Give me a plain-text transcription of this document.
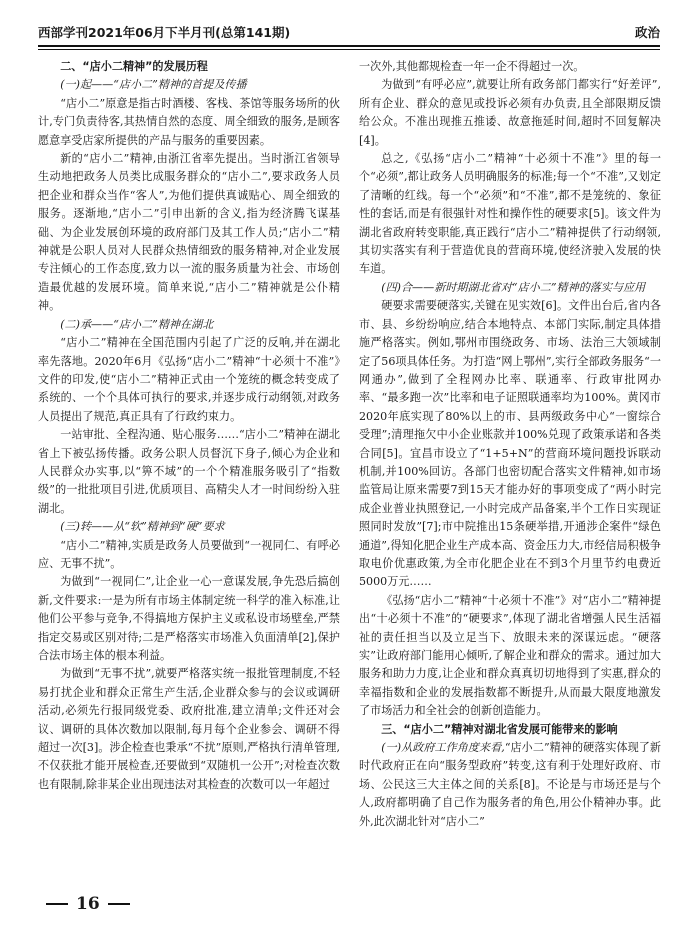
西部学刊2021年06月下半月刊(总第141期)	政治

二、“店小二精神”的发展历程

(一)起——“店小二”精神的首提及传播

“店小二”原意是指古时酒楼、客栈、茶馆等服务场所的伙计,专门负责待客,其热情自然的态度、周全细致的服务,是顾客愿意享受店家所提供的产品与服务的重要因素。

新的“店小二”精神,由浙江省率先提出。当时浙江省领导生动地把政务人员类比成服务群众的“店小二”,要求政务人员把企业和群众当作“客人”,为他们提供真诚贴心、周全细致的服务。逐渐地,“店小二”引申出新的含义,指为经济腾飞谋基础、为企业发展创环境的政府部门及其工作人员;“店小二”精神就是公职人员对人民群众热情细致的服务精神,对企业发展专注倾心的工作态度,致力以一流的服务质量为社会、市场创造最优越的发展环境。简单来说,“店小二”精神就是公仆精神。

(二)承——“店小二”精神在湖北

“店小二”精神在全国范围内引起了广泛的反响,并在湖北率先落地。2020年6月《弘扬“店小二”精神“十必须十不准”》文件的印发,使“店小二”精神正式由一个笼统的概念转变成了系统的、一个个具体可执行的要求,并逐步成行动纲领,对政务人员提出了规范,真正具有了行政约束力。

一站审批、全程沟通、贴心服务……“店小二”精神在湖北省上下被弘扬传播。政务公职人员督沉下身子,倾心为企业和人民群众办实事,以“箅不域”的一个个精准服务吸引了“指数级”的一批批项目引进,优质项目、高精尖人才一时间纷纷入驻湖北。

(三)转——从“软”精神到“硬”要求

“店小二”精神,实质是政务人员要做到“一视同仁、有呼必应、无事不扰”。

为做到“一视同仁”,让企业一心一意谋发展,争先恐后搞创新,文件要求:一是为所有市场主体制定统一科学的准入标准,让他们公平参与竞争,不得搞地方保护主义或私设市场壁垒,严禁指定交易或区别对待;二是严格落实市场准入负面清单[2],保护合法市场主体的根本利益。

为做到“无事不扰”,就要严格落实统一报批管理制度,不轻易打扰企业和群众正常生产生活,企业群众参与的会议或调研活动,必须先行报同级党委、政府批准,建立清单;文件还对会议、调研的具体次数加以限制,每月每个企业参会、调研不得超过一次[3]。涉企检查也秉承“不扰”原则,严格执行清单管理,不仅获批才能开展检查,还要做到“双随机一公开”;对检查次数也有限制,除非某企业出现违法对其检查的次数可以一年超过

一次外,其他都规检查一年一企不得超过一次。

为做到“有呼必应”,就要让所有政务部门都实行“好差评”,所有企业、群众的意见或投诉必须有办负责,且全部限期反馈给公众。不准出现推五推诿、故意拖延时间,超时不回复解决[4]。

总之,《弘扬“店小二”精神“十必须十不准”》里的每一个“必须”,都让政务人员明确服务的标准;每一个“不准”,又划定了清晰的红线。每一个“必须”和“不准”,都不是笼统的、象征性的套话,而是有很强针对性和操作性的硬要求[5]。该文件为湖北省政府转变职能,真正践行“店小二”精神提供了行动纲领,其切实落实有利于营造优良的营商环境,使经济驶入发展的快车道。

(四)合——新时期湖北省对“店小二”精神的落实与应用

硬要求需要硬落实,关键在见实效[6]。文件出台后,省内各市、县、乡纷纷响应,结合本地特点、本部门实际,制定具体措施严格落实。例如,鄂州市围绕政务、市场、法治三大领域制定了56项具体任务。为打造“网上鄂州”,实行全部政务服务“一网通办”,做到了全程网办比率、联通率、行政审批网办率、“最多跑一次”比率和电子证照联通率均为100%。黄冈市2020年底实现了80%以上的市、县两级政务中心“一窗综合受理”;清理拖欠中小企业账款并100%兑现了政策承诺和各类合同[5]。宜昌市设立了“1+5+N”的营商环境问题投诉联动机制,并100%回访。各部门也密切配合落实文件精神,如市场监管局让原来需要7到15天才能办好的事项变成了“两小时完成企业普业执照登记,一小时完成产品备案,半个工作日实现证照同时发放”[7];市中院推出15条硬举措,开通涉企案件“绿色通道”,得知化肥企业生产成本高、资金压力大,市经信局积极争取电价优惠政策,为全市化肥企业在不到3个月里节约电费近5000万元……

《弘扬“店小二”精神“十必须十不准”》对“店小二”精神提出“十必须十不准”的“硬要求”,体现了湖北省增强人民生活福祉的责任担当以及立足当下、放眼未来的深谋远虑。“硬落实”让政府部门能用心倾听,了解企业和群众的需求。通过加大服务和助力力度,让企业和群众真真切切地得到了实惠,群众的幸福指数和企业的发展指数都不断提升,从而最大限度地激发了市场活力和全社会的创新创造能力。

三、“店小二”精神对湖北省发展可能带来的影响

(一)从政府工作角度来看,“店小二”精神的硬落实体现了新时代政府正在向“服务型政府”转变,这有利于处理好政府、市场、公民这三大主体之间的关系[8]。不论是与市场还是与个人,政府都明确了自己作为服务者的角色,用公仆精神办事。此外,此次湖北针对“店小二”

16
